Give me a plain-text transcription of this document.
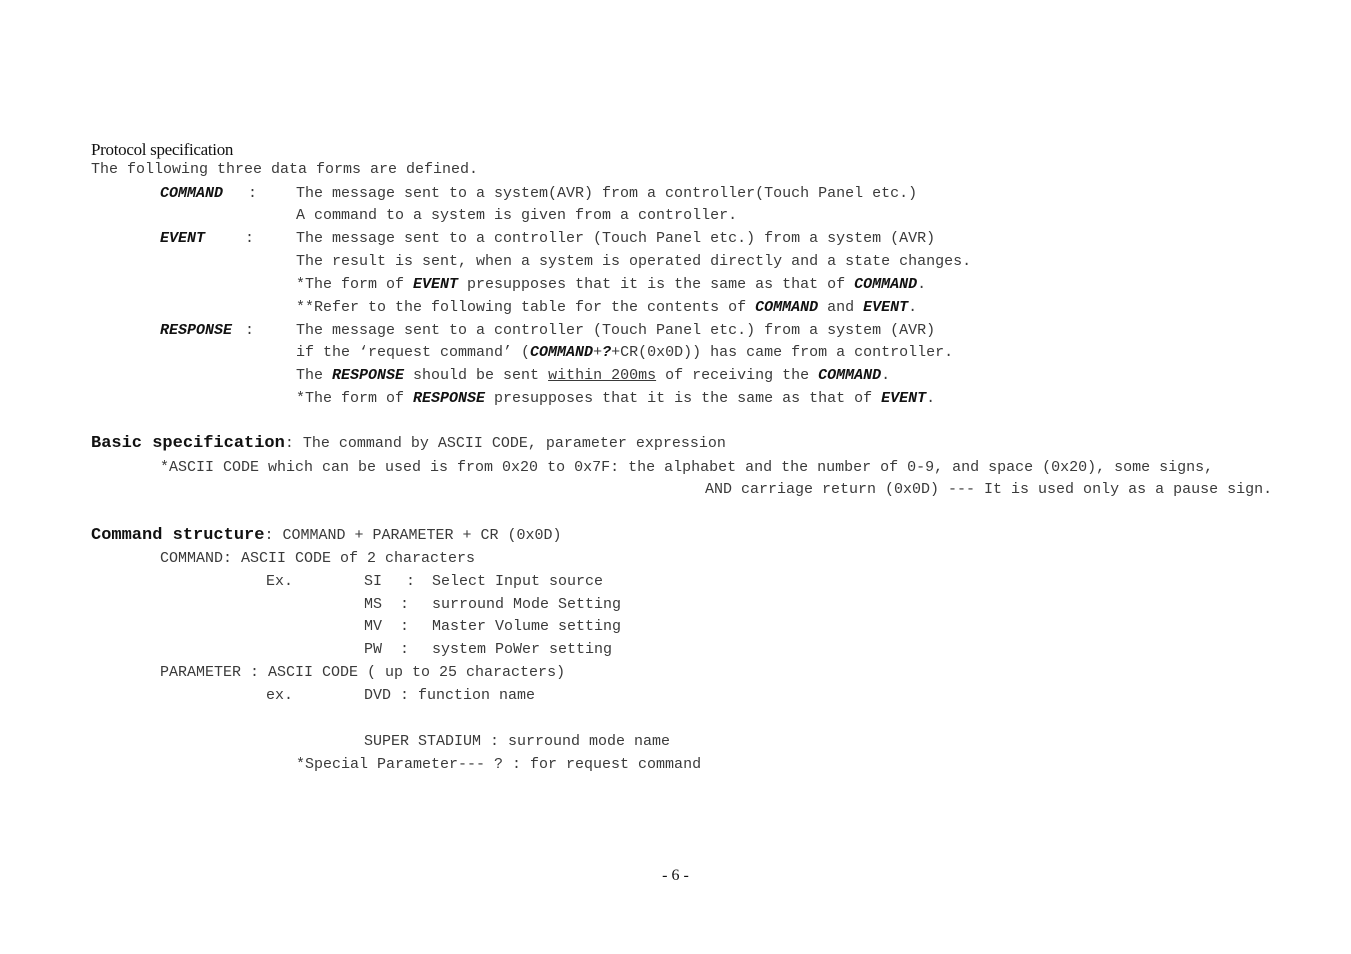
Protocol specification
The following three data forms are defined.
COMMAND :	The message sent to a system(AVR) from a controller(Touch Panel etc.)
A command to a system is given from a controller.
EVENT	:	The message sent to a controller (Touch Panel etc.) from a system (AVR)
The result is sent, when a system is operated directly and a state changes.
*The form of EVENT presupposes that it is the same as that of COMMAND.
**Refer to the following table for the contents of COMMAND and EVENT.
RESPONSE :	The message sent to a controller (Touch Panel etc.) from a system (AVR)
if the ‘request command’ (COMMAND+?+CR(0x0D)) has came from a controller.
The RESPONSE should be sent within 200ms of receiving the COMMAND.
*The form of RESPONSE presupposes that it is the same as that of EVENT.
Basic specification: The command by ASCII CODE, parameter expression
*ASCII CODE which can be used is from 0x20 to 0x7F: the alphabet and the number of 0-9, and space (0x20), some signs,
AND carriage return (0x0D) --- It is used only as a pause sign.
Command structure: COMMAND + PARAMETER + CR (0x0D)
COMMAND: ASCII CODE of 2 characters
Ex.	SI : Select Input source
MS : surround Mode Setting
MV : Master Volume setting
PW : system PoWer setting
PARAMETER : ASCII CODE ( up to 25 characters)
ex.	DVD : function name
SUPER STADIUM : surround mode name
*Special Parameter--- ? : for request command
- 6 -
